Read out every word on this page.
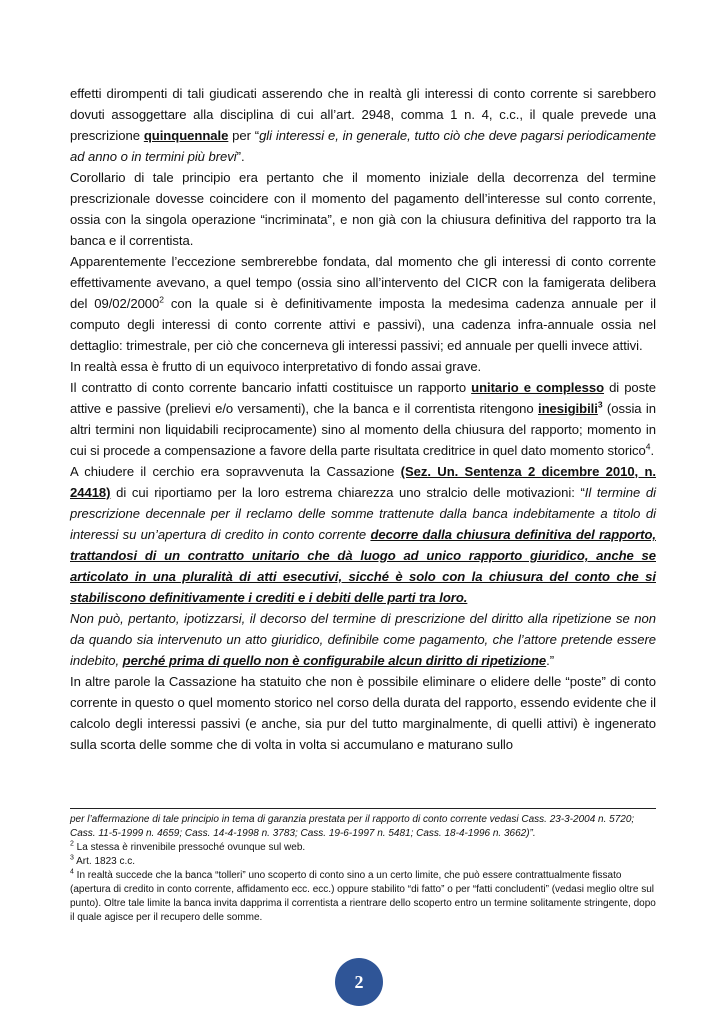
effetti dirompenti di tali giudicati asserendo che in realtà gli interessi di conto corrente si sarebbero dovuti assoggettare alla disciplina di cui all’art. 2948, comma 1 n. 4, c.c., il quale prevede una prescrizione quinquennale per “gli interessi e, in generale, tutto ciò che deve pagarsi periodicamente ad anno o in termini più brevi”.

Corollario di tale principio era pertanto che il momento iniziale della decorrenza del termine prescrizionale dovesse coincidere con il momento del pagamento dell’interesse sul conto corrente, ossia con la singola operazione “incriminata”, e non già con la chiusura definitiva del rapporto tra la banca e il correntista.

Apparentemente l’eccezione sembrerebbe fondata, dal momento che gli interessi di conto corrente effettivamente avevano, a quel tempo (ossia sino all’intervento del CICR con la famigerata delibera del 09/02/2000$^2$ con la quale si è definitivamente imposta la medesima cadenza annuale per il computo degli interessi di conto corrente attivi e passivi), una cadenza infra-annuale ossia nel dettaglio: trimestrale, per ciò che concerneva gli interessi passivi; ed annuale per quelli invece attivi.

In realtà essa è frutto di un equivoco interpretativo di fondo assai grave.

Il contratto di conto corrente bancario infatti costituisce un rapporto unitario e complesso di poste attive e passive (prelievi e/o versamenti), che la banca e il correntista ritengono inesigibili$^3$ (ossia in altri termini non liquidabili reciprocamente) sino al momento della chiusura del rapporto; momento in cui si procede a compensazione a favore della parte risultata creditrice in quel dato momento storico$^4$.

A chiudere il cerchio era sopravvenuta la Cassazione (Sez. Un. Sentenza 2 dicembre 2010, n. 24418) di cui riportiamo per la loro estrema chiarezza uno stralcio delle motivazioni: “Il termine di prescrizione decennale per il reclamo delle somme trattenute dalla banca indebitamente a titolo di interessi su un’apertura di credito in conto corrente decorre dalla chiusura definitiva del rapporto, trattandosi di un contratto unitario che dà luogo ad unico rapporto giuridico, anche se articolato in una pluralità di atti esecutivi, sicché è solo con la chiusura del conto che si stabiliscono definitivamente i crediti e i debiti delle parti tra loro.

Non può, pertanto, ipotizzarsi, il decorso del termine di prescrizione del diritto alla ripetizione se non da quando sia intervenuto un atto giuridico, definibile come pagamento, che l’attore pretende essere indebito, perché prima di quello non è configurabile alcun diritto di ripetizione.”

In altre parole la Cassazione ha statuito che non è possibile eliminare o elidere delle “poste” di conto corrente in questo o quel momento storico nel corso della durata del rapporto, essendo evidente che il calcolo degli interessi passivi (e anche, sia pur del tutto marginalmente, di quelli attivi) è ingenerato sulla scorta delle somme che di volta in volta si accumulano e maturano sullo

per l’affermazione di tale principio in tema di garanzia prestata per il rapporto di conto corrente vedasi Cass. 23-3-2004 n. 5720; Cass. 11-5-1999 n. 4659; Cass. 14-4-1998 n. 3783; Cass. 19-6-1997 n. 5481; Cass. 18-4-1996 n. 3662)”.

$^2$ La stessa è rinvenibile pressoché ovunque sul web.

$^3$ Art. 1823 c.c.

$^4$ In realtà succede che la banca “tolleri” uno scoperto di conto sino a un certo limite, che può essere contrattualmente fissato (apertura di credito in conto corrente, affidamento ecc. ecc.) oppure stabilito “di fatto” o per “fatti concludenti” (vedasi meglio oltre sul punto). Oltre tale limite la banca invita dapprima il correntista a rientrare dello scoperto entro un termine solitamente stringente, dopo il quale agisce per il recupero delle somme.

2
